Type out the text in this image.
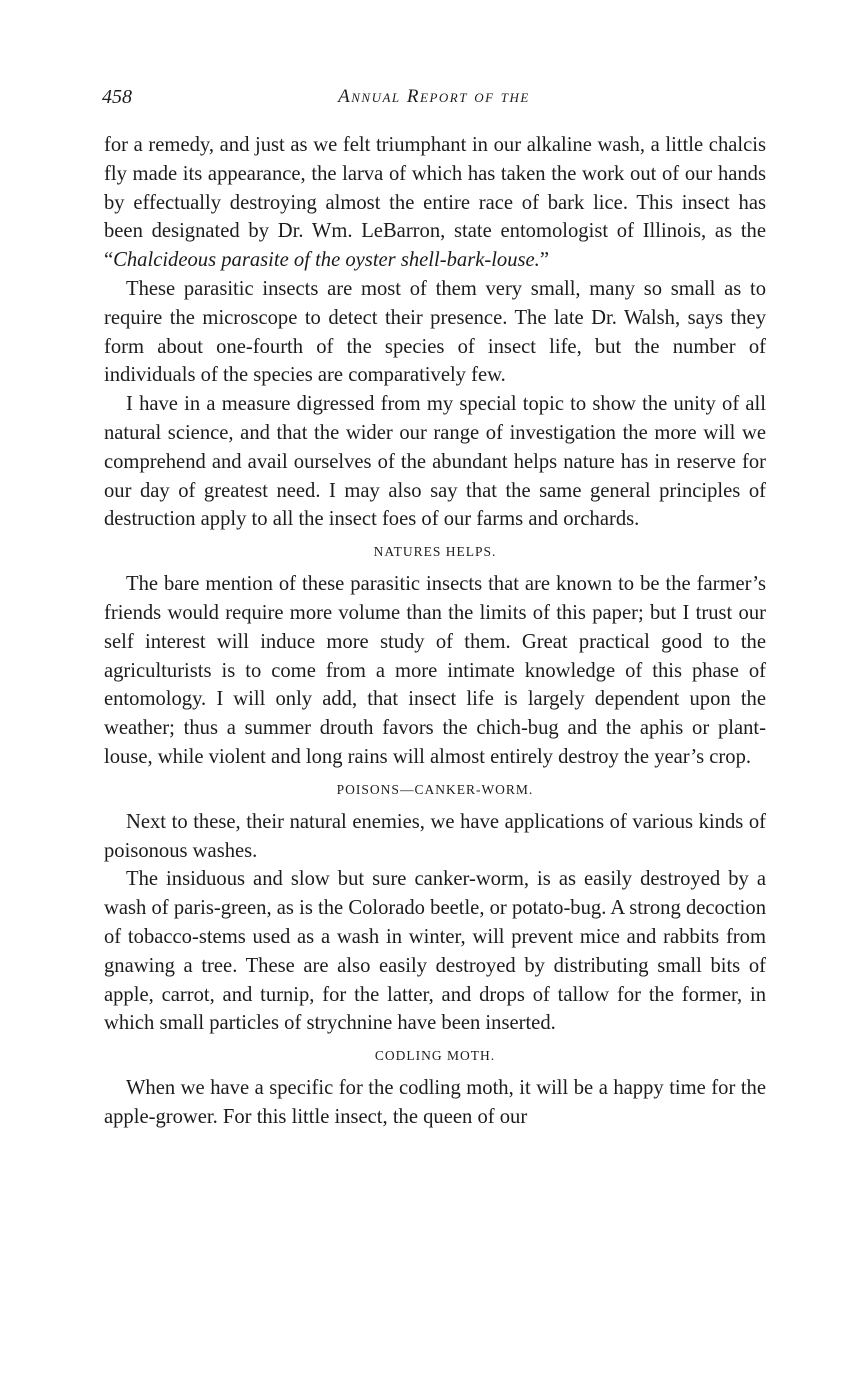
458	Annual Report of the

for a remedy, and just as we felt triumphant in our alkaline wash, a little chalcis fly made its appearance, the larva of which has taken the work out of our hands by effectually destroying almost the entire race of bark lice. This insect has been designated by Dr. Wm. LeBarron, state entomologist of Illinois, as the “Chalcideous parasite of the oyster shell-bark-louse.”

These parasitic insects are most of them very small, many so small as to require the microscope to detect their presence. The late Dr. Walsh, says they form about one-fourth of the species of insect life, but the number of individuals of the species are comparatively few.

I have in a measure digressed from my special topic to show the unity of all natural science, and that the wider our range of investigation the more will we comprehend and avail ourselves of the abundant helps nature has in reserve for our day of greatest need. I may also say that the same general principles of destruction apply to all the insect foes of our farms and orchards.

NATURES HELPS.

The bare mention of these parasitic insects that are known to be the farmer’s friends would require more volume than the limits of this paper; but I trust our self interest will induce more study of them. Great practical good to the agriculturists is to come from a more intimate knowledge of this phase of entomology. I will only add, that insect life is largely dependent upon the weather; thus a summer drouth favors the chich-bug and the aphis or plant-louse, while violent and long rains will almost entirely destroy the year’s crop.

POISONS—CANKER-WORM.

Next to these, their natural enemies, we have applications of various kinds of poisonous washes.

The insiduous and slow but sure canker-worm, is as easily destroyed by a wash of paris-green, as is the Colorado beetle, or potato-bug. A strong decoction of tobacco-stems used as a wash in winter, will prevent mice and rabbits from gnawing a tree. These are also easily destroyed by distributing small bits of apple, carrot, and turnip, for the latter, and drops of tallow for the former, in which small particles of strychnine have been inserted.

CODLING MOTH.

When we have a specific for the codling moth, it will be a happy time for the apple-grower. For this little insect, the queen of our
